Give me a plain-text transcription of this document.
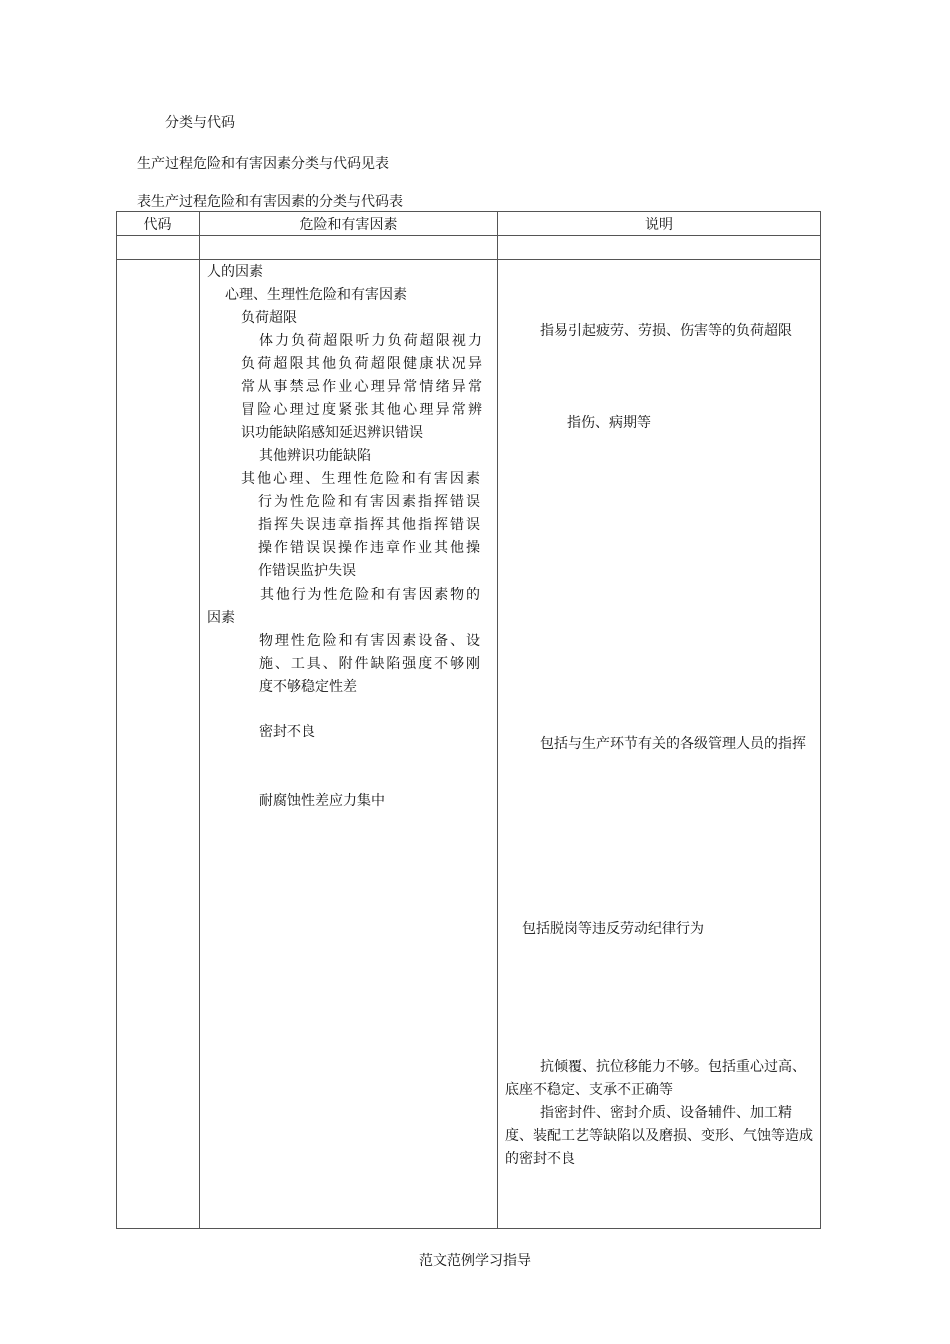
分类与代码
生产过程危险和有害因素分类与代码见表
表生产过程危险和有害因素的分类与代码表
代码	危险和有害因素	说明
人的因素
心理、生理性危险和有害因素
负荷超限
体力负荷超限听力负荷超限视力
负荷超限其他负荷超限健康状况异
常从事禁忌作业心理异常情绪异常
冒险心理过度紧张其他心理异常辨
识功能缺陷感知延迟辨识错误
其他辨识功能缺陷
其他心理、生理性危险和有害因素
行为性危险和有害因素指挥错误
指挥失误违章指挥其他指挥错误
操作错误误操作违章作业其他操
作错误监护失误
其他行为性危险和有害因素物的
因素
物理性危险和有害因素设备、设
施、工具、附件缺陷强度不够刚
度不够稳定性差
密封不良
耐腐蚀性差应力集中

指易引起疲劳、劳损、伤害等的负荷超限

指伤、病期等

包括与生产环节有关的各级管理人员的指挥

包括脱岗等违反劳动纪律行为

抗倾覆、抗位移能力不够。包括重心过高、底座不稳定、支承不正确等

指密封件、密封介质、设备辅件、加工精度、装配工艺等缺陷以及磨损、变形、气蚀等造成的密封不良

范文范例学习指导
